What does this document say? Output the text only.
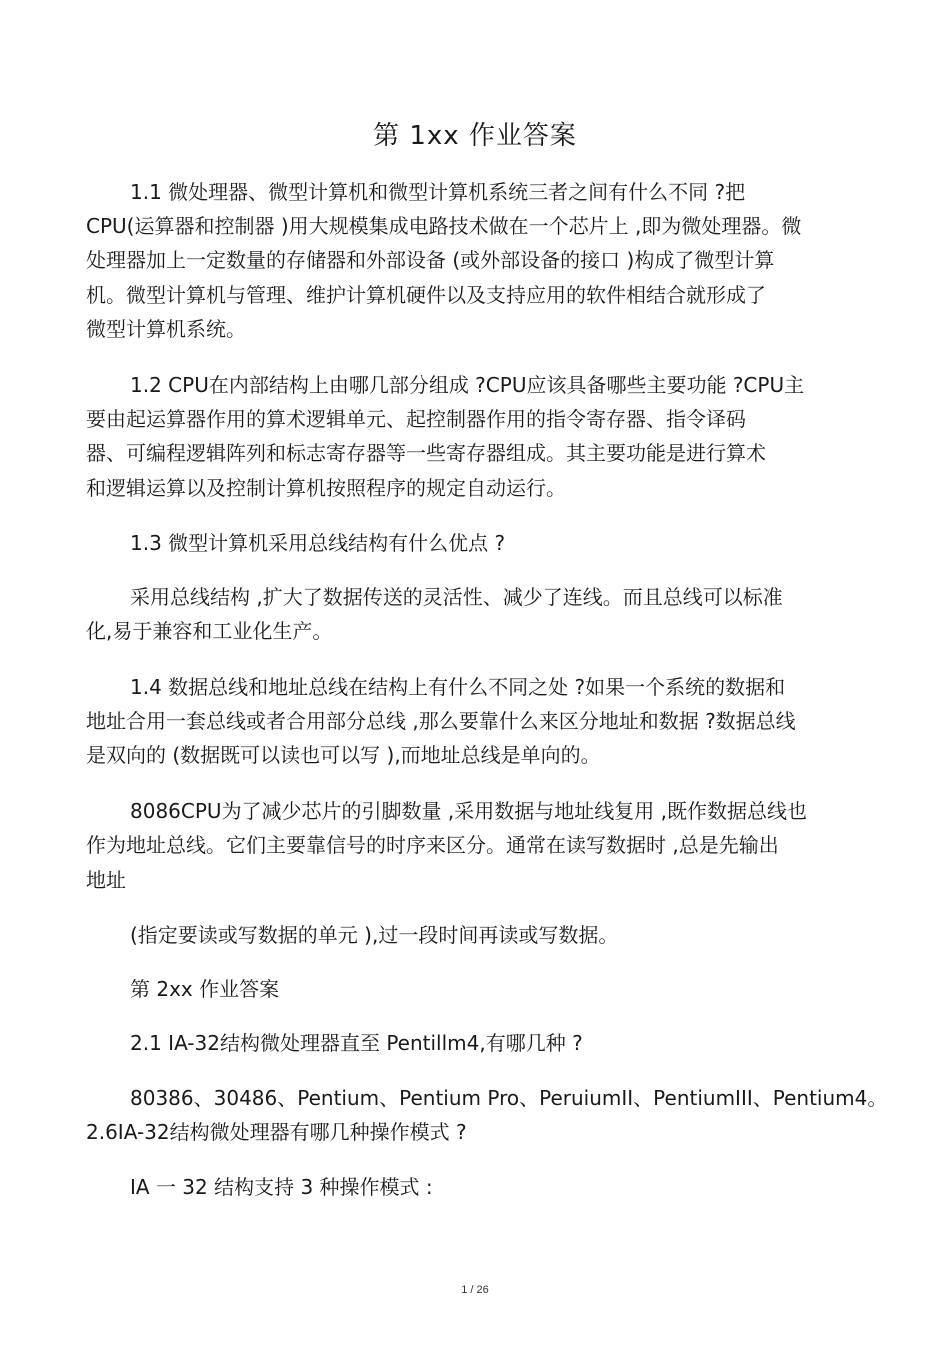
第 1xx 作业答案
1.1 微处理器、微型计算机和微型计算机系统三者之间有什么不同 ?把
CPU(运算器和控制器 )用大规模集成电路技术做在一个芯片上 ,即为微处理器。微
处理器加上一定数量的存储器和外部设备 (或外部设备的接口 )构成了微型计算
机。微型计算机与管理、维护计算机硬件以及支持应用的软件相结合就形成了
微型计算机系统。
1.2 CPU在内部结构上由哪几部分组成 ?CPU应该具备哪些主要功能 ?CPU主
要由起运算器作用的算术逻辑单元、起控制器作用的指令寄存器、指令译码
器、可编程逻辑阵列和标志寄存器等一些寄存器组成。其主要功能是进行算术
和逻辑运算以及控制计算机按照程序的规定自动运行。
1.3 微型计算机采用总线结构有什么优点 ?
采用总线结构 ,扩大了数据传送的灵活性、减少了连线。而且总线可以标准
化,易于兼容和工业化生产。
1.4 数据总线和地址总线在结构上有什么不同之处 ?如果一个系统的数据和
地址合用一套总线或者合用部分总线 ,那么要靠什么来区分地址和数据 ?数据总线
是双向的 (数据既可以读也可以写 ),而地址总线是单向的。
8086CPU为了减少芯片的引脚数量 ,采用数据与地址线复用 ,既作数据总线也
作为地址总线。它们主要靠信号的时序来区分。通常在读写数据时 ,总是先输出
地址
(指定要读或写数据的单元 ),过一段时间再读或写数据。
第 2xx 作业答案
2.1 IA-32结构微处理器直至 Pentillm4,有哪几种 ?
80386、30486、Pentium、Pentium Pro、PeruiumII、PentiumIII、Pentium4。
2.6IA-32结构微处理器有哪几种操作模式 ?
IA 一 32 结构支持 3 种操作模式 :
1 / 26
